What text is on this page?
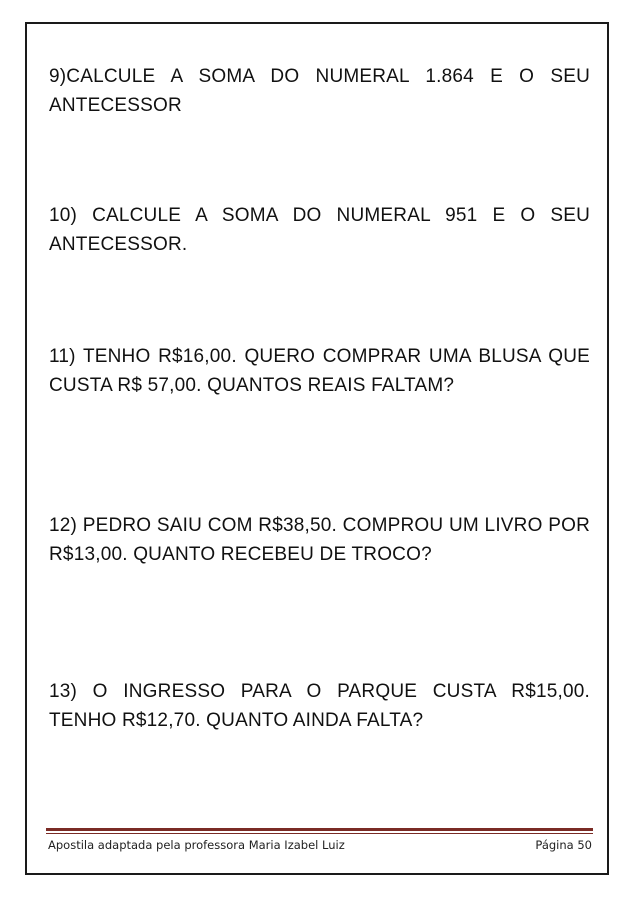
9)CALCULE A SOMA DO NUMERAL 1.864 E O SEU ANTECESSOR

10) CALCULE A SOMA DO NUMERAL 951 E O SEU ANTECESSOR.

11) TENHO R$16,00. QUERO COMPRAR UMA BLUSA QUE CUSTA R$ 57,00. QUANTOS REAIS FALTAM?

12) PEDRO SAIU COM R$38,50. COMPROU UM LIVRO POR R$13,00. QUANTO RECEBEU DE TROCO?

13) O INGRESSO PARA O PARQUE CUSTA R$15,00. TENHO R$12,70. QUANTO AINDA FALTA?

Apostila adaptada pela professora Maria Izabel Luiz	Página 50
